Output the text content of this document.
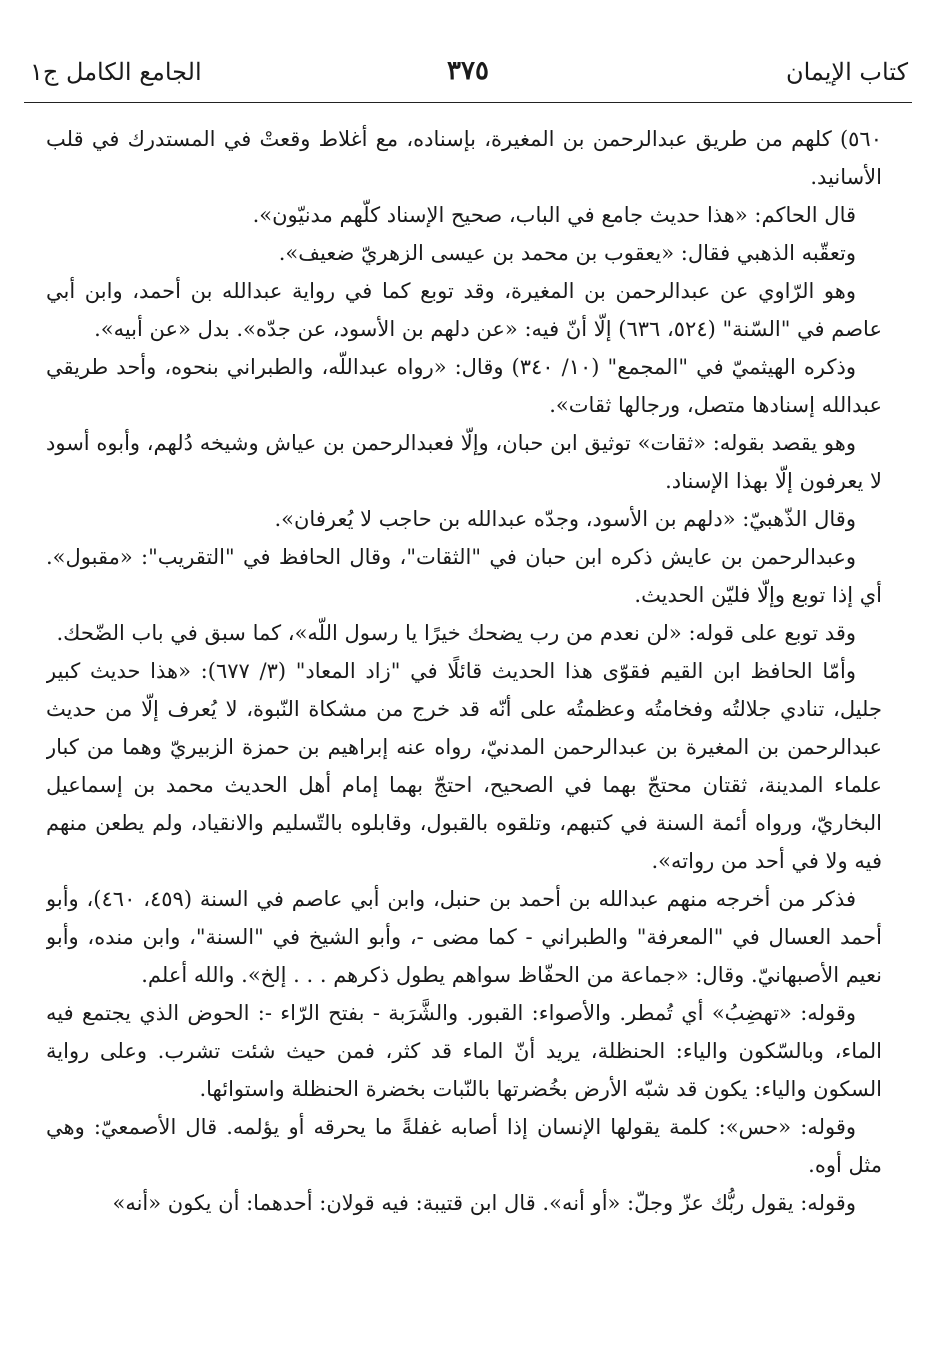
كتاب الإيمان
٣٧٥
الجامع الكامل ج١

٥٦٠) كلهم من طريق عبدالرحمن بن المغيرة، بإسناده، مع أغلاط وقعتْ في المستدرك في قلب الأسانيد.

قال الحاكم: «هذا حديث جامع في الباب، صحيح الإسناد كلّهم مدنيّون».

وتعقّبه الذهبي فقال: «يعقوب بن محمد بن عيسى الزهريّ ضعيف».

وهو الرّاوي عن عبدالرحمن بن المغيرة، وقد توبع كما في رواية عبدالله بن أحمد، وابن أبي عاصم في "السّنة" (٥٢٤، ٦٣٦) إلّا أنّ فيه: «عن دلهم بن الأسود، عن جدّه». بدل «عن أبيه».

وذكره الهيثميّ في "المجمع" (١٠/ ٣٤٠) وقال: «رواه عبداللّه، والطبراني بنحوه، وأحد طريقي عبدالله إسنادها متصل، ورجالها ثقات».

وهو يقصد بقوله: «ثقات» توثيق ابن حبان، وإلّا فعبدالرحمن بن عياش وشيخه دُلهم، وأبوه أسود لا يعرفون إلّا بهذا الإسناد.

وقال الذّهبيّ: «دلهم بن الأسود، وجدّه عبدالله بن حاجب لا يُعرفان».

وعبدالرحمن بن عايش ذكره ابن حبان في "الثقات"، وقال الحافظ في "التقريب": «مقبول». أي إذا توبع وإلّا فليّن الحديث.

وقد توبع على قوله: «لن نعدم من رب يضحك خيرًا يا رسول اللّه»، كما سبق في باب الضّحك.

وأمّا الحافظ ابن القيم فقوّى هذا الحديث قائلًا في "زاد المعاد" (٣/ ٦٧٧): «هذا حديث كبير جليل، تنادي جلالتُه وفخامتُه وعظمتُه على أنّه قد خرج من مشكاة النّبوة، لا يُعرف إلّا من حديث عبدالرحمن بن المغيرة بن عبدالرحمن المدنيّ، رواه عنه إبراهيم بن حمزة الزبيريّ وهما من كبار علماء المدينة، ثقتان محتجّ بهما في الصحيح، احتجّ بهما إمام أهل الحديث محمد بن إسماعيل البخاريّ، ورواه أئمة السنة في كتبهم، وتلقوه بالقبول، وقابلوه بالتّسليم والانقياد، ولم يطعن منهم فيه ولا في أحد من رواته».

فذكر من أخرجه منهم عبدالله بن أحمد بن حنبل، وابن أبي عاصم في السنة (٤٥٩، ٤٦٠)، وأبو أحمد العسال في "المعرفة" والطبراني - كما مضى -، وأبو الشيخ في "السنة"، وابن منده، وأبو نعيم الأصبهانيّ. وقال: «جماعة من الحفّاظ سواهم يطول ذكرهم . . . إلخ». والله أعلم.

وقوله: «تهضِبُ» أي تُمطر. والأصواء: القبور. والشَّرَبة - بفتح الرّاء -: الحوض الذي يجتمع فيه الماء، وبالسّكون والياء: الحنظلة، يريد أنّ الماء قد كثر، فمن حيث شئت تشرب. وعلى رواية السكون والياء: يكون قد شبّه الأرض بخُضرتها بالنّبات بخضرة الحنظلة واستوائها.

وقوله: «حس»: كلمة يقولها الإنسان إذا أصابه غفلةً ما يحرقه أو يؤلمه. قال الأصمعيّ: وهي مثل أوه.

وقوله: يقول ربُّك عزّ وجلّ: «أو أنه». قال ابن قتيبة: فيه قولان: أحدهما: أن يكون «أنه»
